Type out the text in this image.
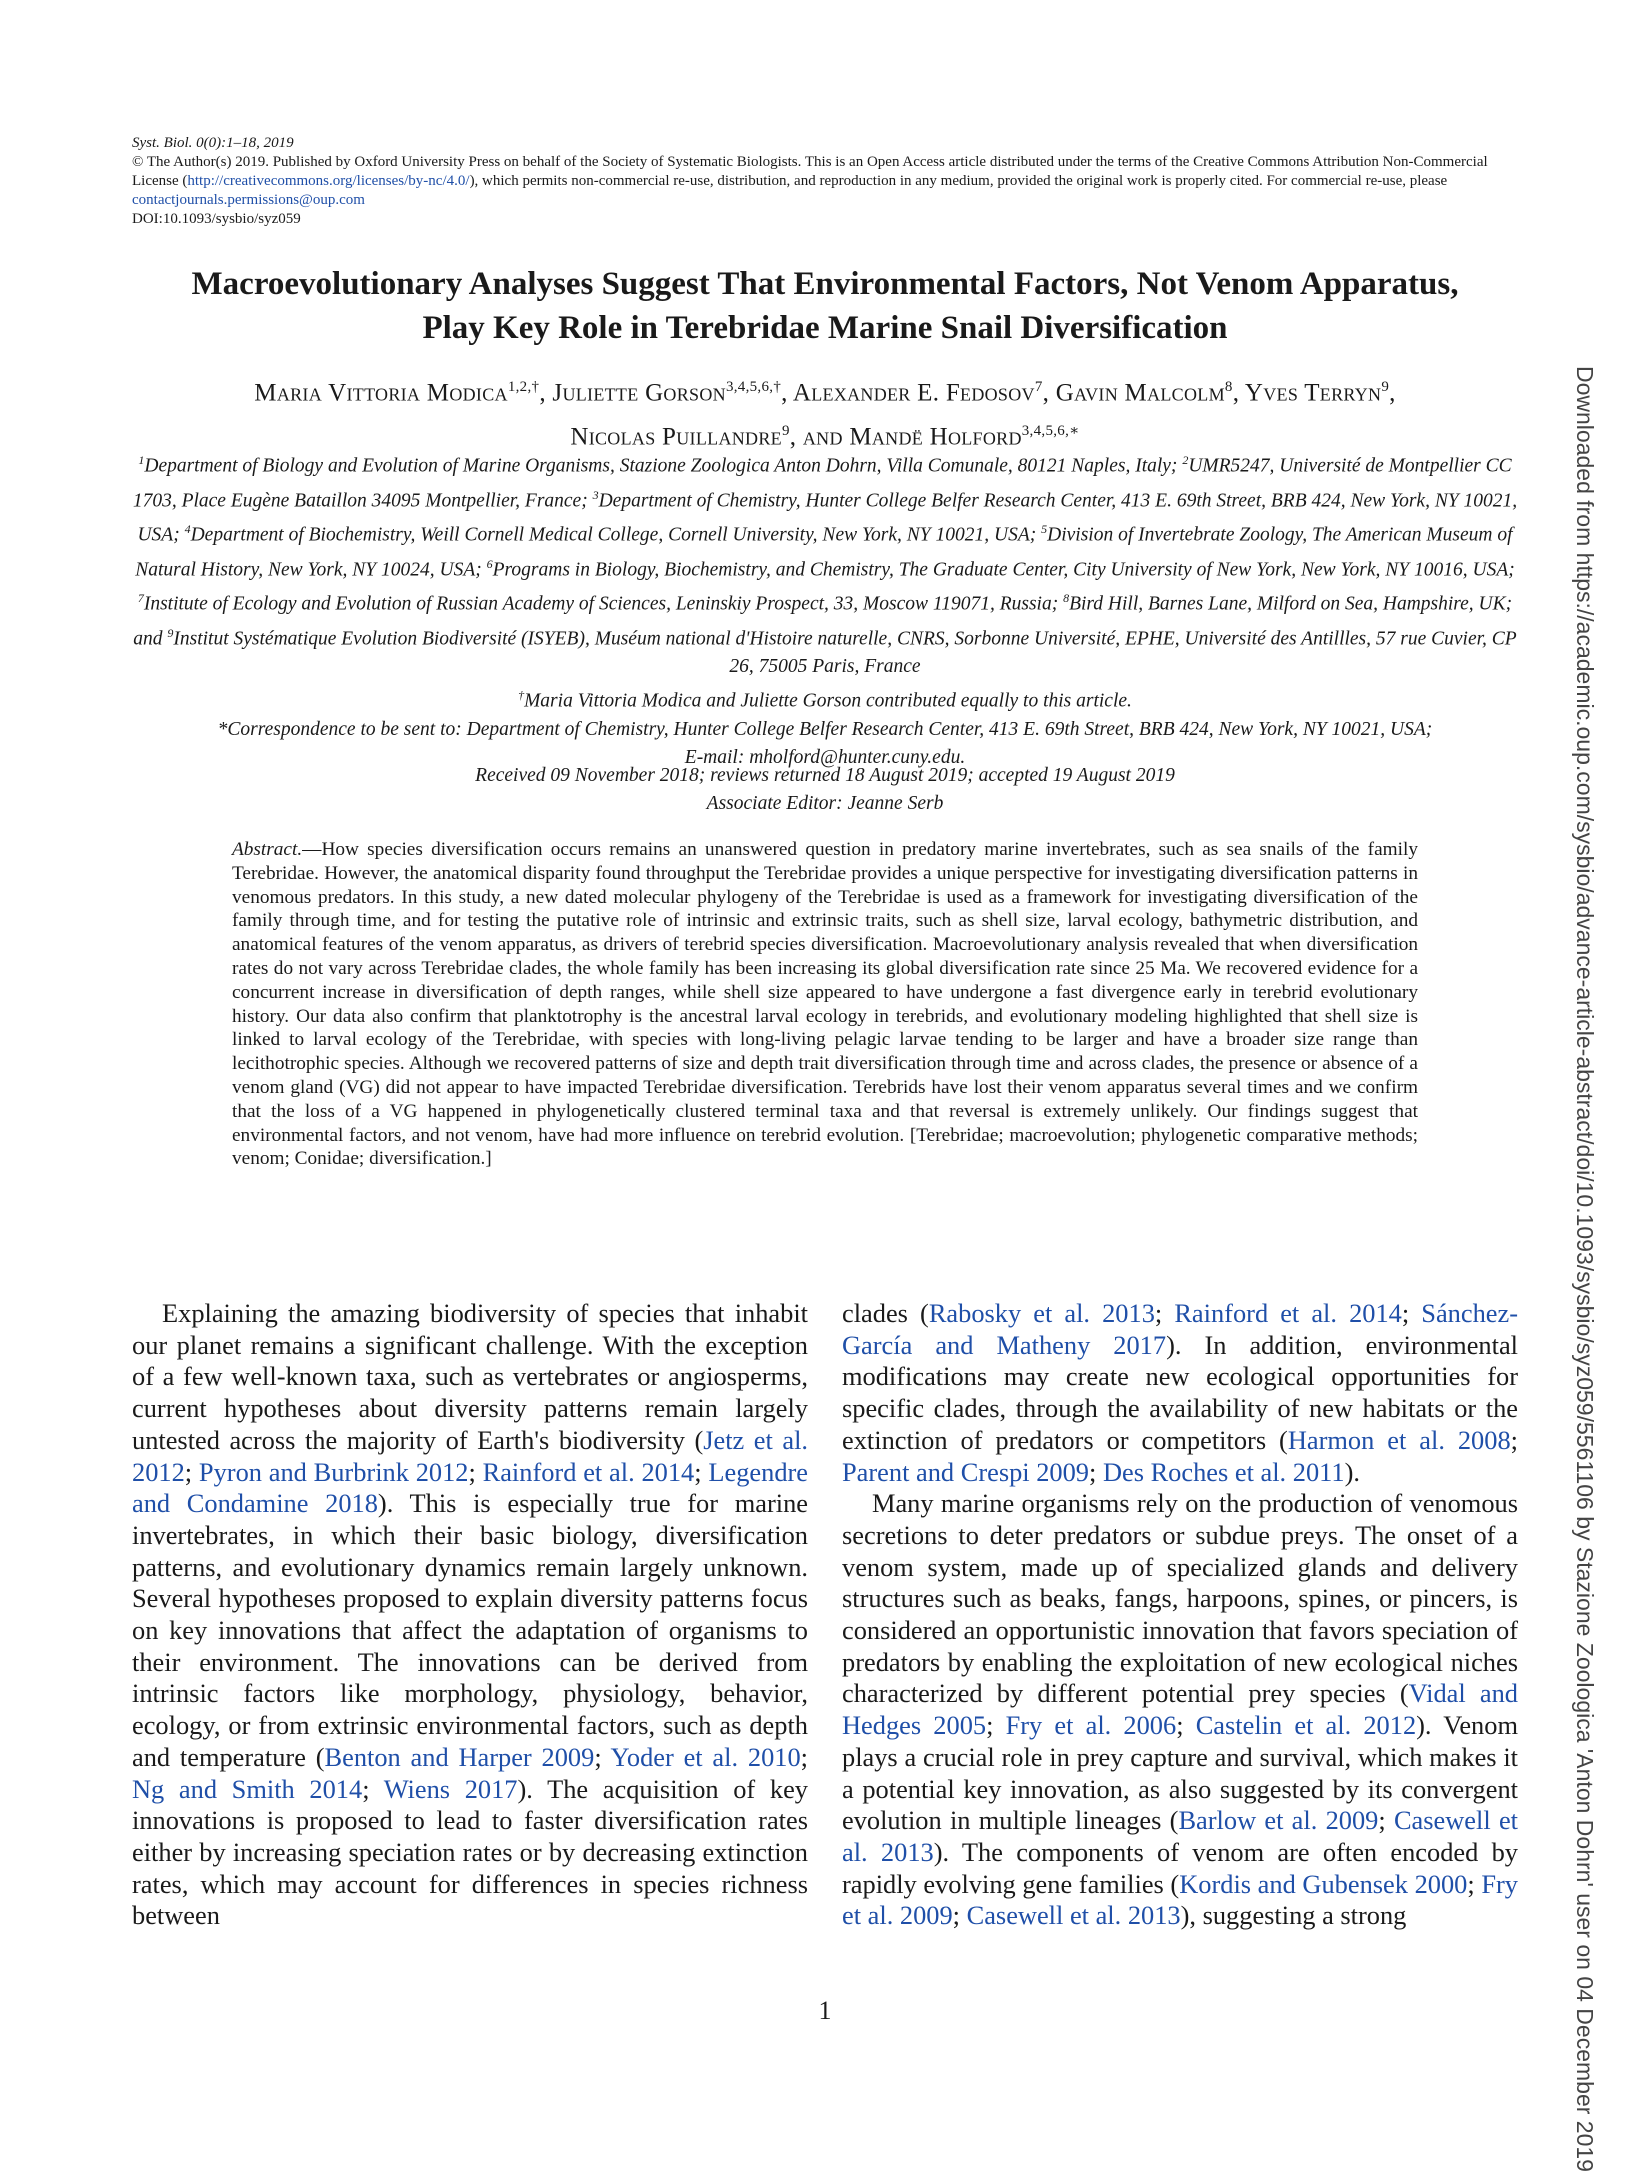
Syst. Biol. 0(0):1–18, 2019
© The Author(s) 2019. Published by Oxford University Press on behalf of the Society of Systematic Biologists. This is an Open Access article distributed under the terms of the Creative Commons Attribution Non-Commercial License (http://creativecommons.org/licenses/by-nc/4.0/), which permits non-commercial re-use, distribution, and reproduction in any medium, provided the original work is properly cited. For commercial re-use, please contactjournals.permissions@oup.com
DOI:10.1093/sysbio/syz059
Macroevolutionary Analyses Suggest That Environmental Factors, Not Venom Apparatus,
Play Key Role in Terebridae Marine Snail Diversification
Maria Vittoria Modica$^{1,2,\dagger}$, Juliette Gorson$^{3,4,5,6,\dagger}$, Alexander E. Fedosov$^7$, Gavin Malcolm$^8$, Yves Terryn$^9$,
Nicolas Puillandre$^9$, and Mandë Holford$^{3,4,5,6,∗}$
$^1$Department of Biology and Evolution of Marine Organisms, Stazione Zoologica Anton Dohrn, Villa Comunale, 80121 Naples, Italy; $^2$UMR5247, Université de Montpellier CC 1703, Place Eugène Bataillon 34095 Montpellier, France; $^3$Department of Chemistry, Hunter College Belfer Research Center, 413 E. 69th Street, BRB 424, New York, NY 10021, USA; $^4$Department of Biochemistry, Weill Cornell Medical College, Cornell University, New York, NY 10021, USA; $^5$Division of Invertebrate Zoology, The American Museum of Natural History, New York, NY 10024, USA; $^6$Programs in Biology, Biochemistry, and Chemistry, The Graduate Center, City University of New York, New York, NY 10016, USA; $^7$Institute of Ecology and Evolution of Russian Academy of Sciences, Leninskiy Prospect, 33, Moscow 119071, Russia; $^8$Bird Hill, Barnes Lane, Milford on Sea, Hampshire, UK; and $^9$Institut Systématique Evolution Biodiversité (ISYEB), Muséum national d'Histoire naturelle, CNRS, Sorbonne Université, EPHE, Université des Antillles, 57 rue Cuvier, CP 26, 75005 Paris, France
†Maria Vittoria Modica and Juliette Gorson contributed equally to this article.
*Correspondence to be sent to: Department of Chemistry, Hunter College Belfer Research Center, 413 E. 69th Street, BRB 424, New York, NY 10021, USA;
E-mail: mholford@hunter.cuny.edu.
Received 09 November 2018; reviews returned 18 August 2019; accepted 19 August 2019
Associate Editor: Jeanne Serb
Abstract.—How species diversification occurs remains an unanswered question in predatory marine invertebrates, such as sea snails of the family Terebridae. However, the anatomical disparity found throughput the Terebridae provides a unique perspective for investigating diversification patterns in venomous predators. In this study, a new dated molecular phylogeny of the Terebridae is used as a framework for investigating diversification of the family through time, and for testing the putative role of intrinsic and extrinsic traits, such as shell size, larval ecology, bathymetric distribution, and anatomical features of the venom apparatus, as drivers of terebrid species diversification. Macroevolutionary analysis revealed that when diversification rates do not vary across Terebridae clades, the whole family has been increasing its global diversification rate since 25 Ma. We recovered evidence for a concurrent increase in diversification of depth ranges, while shell size appeared to have undergone a fast divergence early in terebrid evolutionary history. Our data also confirm that planktotrophy is the ancestral larval ecology in terebrids, and evolutionary modeling highlighted that shell size is linked to larval ecology of the Terebridae, with species with long-living pelagic larvae tending to be larger and have a broader size range than lecithotrophic species. Although we recovered patterns of size and depth trait diversification through time and across clades, the presence or absence of a venom gland (VG) did not appear to have impacted Terebridae diversification. Terebrids have lost their venom apparatus several times and we confirm that the loss of a VG happened in phylogenetically clustered terminal taxa and that reversal is extremely unlikely. Our findings suggest that environmental factors, and not venom, have had more influence on terebrid evolution. [Terebridae; macroevolution; phylogenetic comparative methods; venom; Conidae; diversification.]
Explaining the amazing biodiversity of species that inhabit our planet remains a significant challenge. With the exception of a few well-known taxa, such as vertebrates or angiosperms, current hypotheses about diversity patterns remain largely untested across the majority of Earth's biodiversity (Jetz et al. 2012; Pyron and Burbrink 2012; Rainford et al. 2014; Legendre and Condamine 2018). This is especially true for marine invertebrates, in which their basic biology, diversification patterns, and evolutionary dynamics remain largely unknown. Several hypotheses proposed to explain diversity patterns focus on key innovations that affect the adaptation of organisms to their environment. The innovations can be derived from intrinsic factors like morphology, physiology, behavior, ecology, or from extrinsic environmental factors, such as depth and temperature (Benton and Harper 2009; Yoder et al. 2010; Ng and Smith 2014; Wiens 2017). The acquisition of key innovations is proposed to lead to faster diversification rates either by increasing speciation rates or by decreasing extinction rates, which may account for differences in species richness between

clades (Rabosky et al. 2013; Rainford et al. 2014; Sánchez-García and Matheny 2017). In addition, environmental modifications may create new ecological opportunities for specific clades, through the availability of new habitats or the extinction of predators or competitors (Harmon et al. 2008; Parent and Crespi 2009; Des Roches et al. 2011).

Many marine organisms rely on the production of venomous secretions to deter predators or subdue preys. The onset of a venom system, made up of specialized glands and delivery structures such as beaks, fangs, harpoons, spines, or pincers, is considered an opportunistic innovation that favors speciation of predators by enabling the exploitation of new ecological niches characterized by different potential prey species (Vidal and Hedges 2005; Fry et al. 2006; Castelin et al. 2012). Venom plays a crucial role in prey capture and survival, which makes it a potential key innovation, as also suggested by its convergent evolution in multiple lineages (Barlow et al. 2009; Casewell et al. 2013). The components of venom are often encoded by rapidly evolving gene families (Kordis and Gubensek 2000; Fry et al. 2009; Casewell et al. 2013), suggesting a strong

1	Downloaded from https://academic.oup.com/sysbio/advance-article-abstract/doi/10.1093/sysbio/syz059/5561106 by Stazione Zoologica 'Anton Dohrn' user on 04 December 2019
